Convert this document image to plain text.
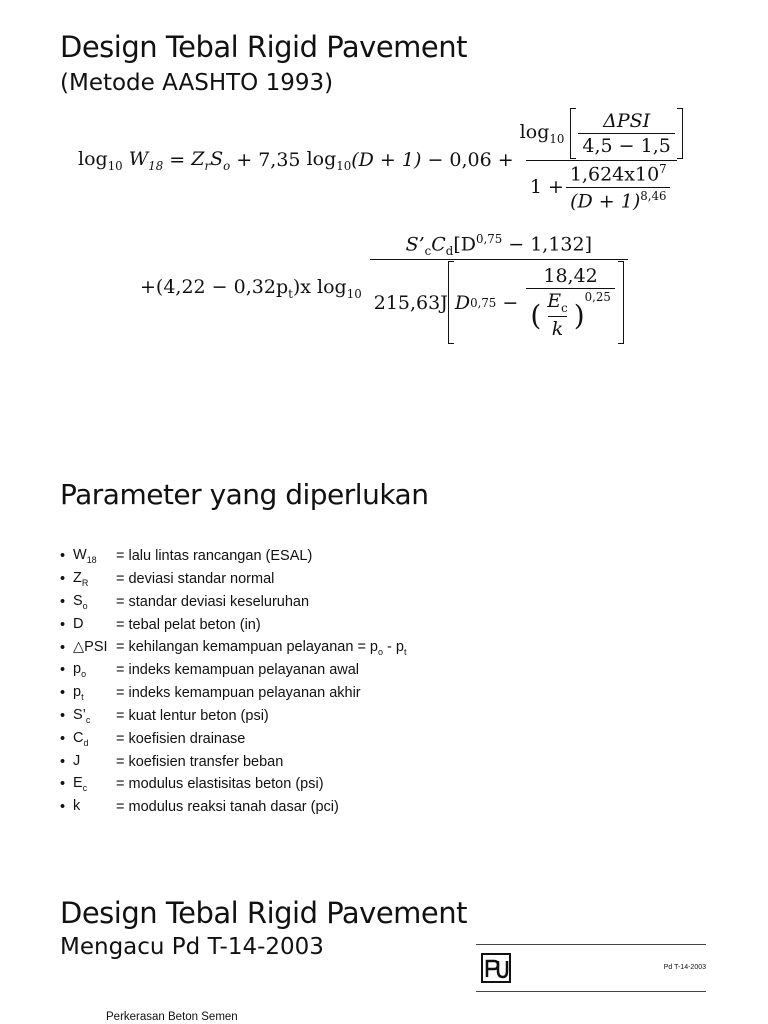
Design Tebal Rigid Pavement
(Metode AASHTO 1993)
$\log_{10}$
$W_{18}$
=
$Z_r$ $S_o$
+ 7,35
$\log_{10} (D + 1)$
− $0,06 + \log_{10}$
$\frac{\text{ΔPSI}}{4,5 - 1,5}$
$1 + \frac{1,624x10^7}{(D + 1)^{8,46}}$
$+(4,22 - 0,32p_t)x$
$\log_{10}$

$S’_cC_d[D^{0,75} - 1,132]$
215,63J D 0,75
−
18,42
( $\frac{E_c}{k}$ )
$^{0,25}$
Parameter yang diperlukan
• $W_{18}$	= lalu lintas rancangan (ESAL)
• $Z_R$	= deviasi standar normal
• $S_o$	= standar deviasi keseluruhan
• D	= tebal pelat beton (in)
• △PSI = kehilangan kemampuan pelayanan = $p_o - p_t$
• $p_o$	= indeks kemampuan pelayanan awal
• $p_t$	= indeks kemampuan pelayanan akhir
• $S’_c$	= kuat lentur beton (psi)
• $C_d$	= koefisien drainase
• J	= koefisien transfer beban
• $E_c$	= modulus elastisitas beton (psi)
• k	= modulus reaksi tanah dasar (pci)
Design Tebal Rigid Pavement
Mengacu Pd T-14-2003
Pd T-14-2003
Perkerasan Beton Semen
